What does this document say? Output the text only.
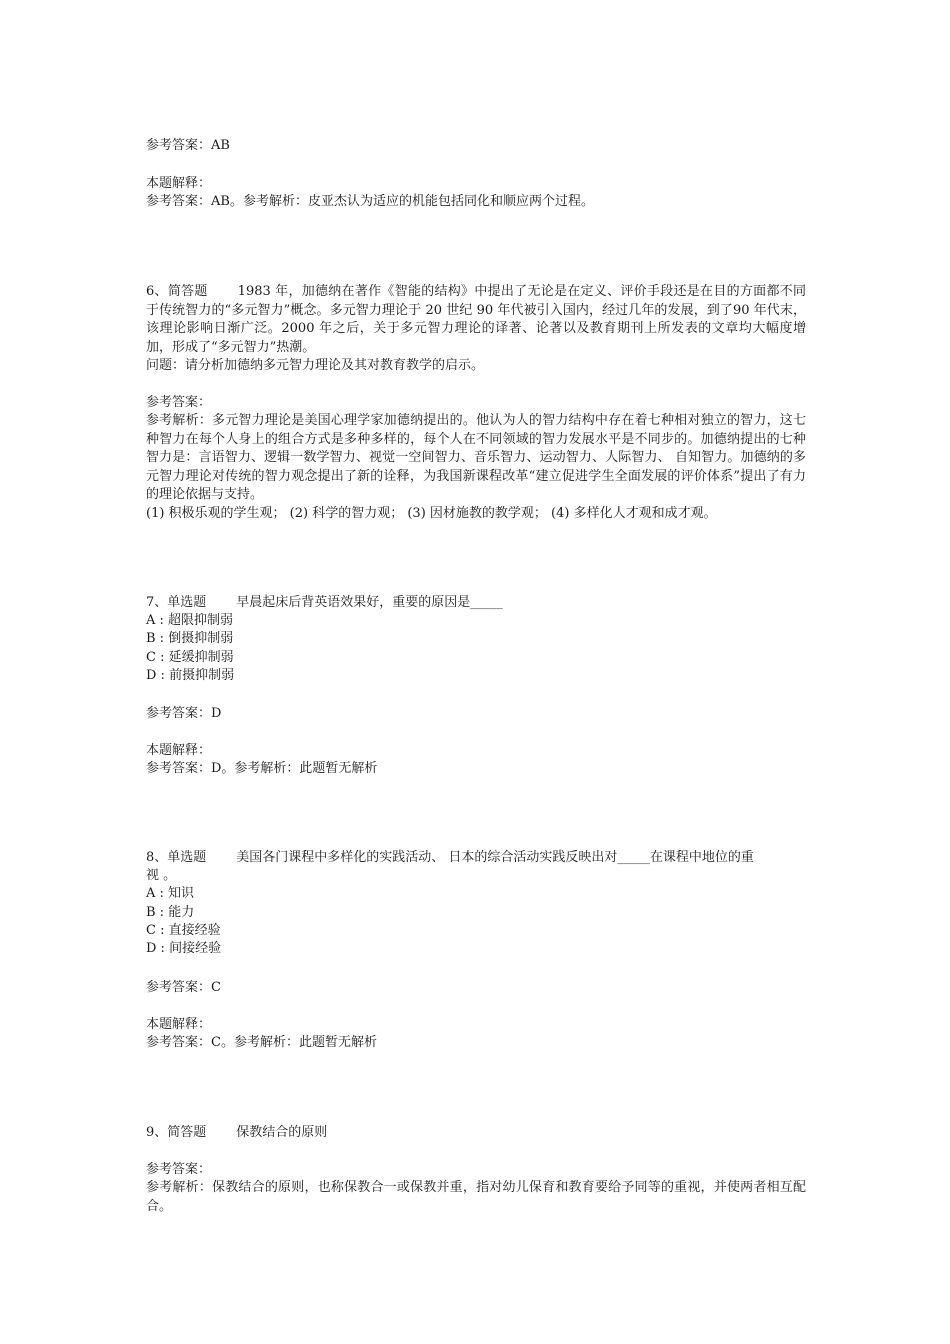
参考答案：AB
本题解释：
参考答案：AB。参考解析：皮亚杰认为适应的机能包括同化和顺应两个过程。
6、简答题 1983 年，加德纳在著作《智能的结构》中提出了无论是在定义、评价手段还是在目的方面都不同于传统智力的“多元智力”概念。多元智力理论于 20 世纪 90 年代被引入国内，经过几年的发展，到了90 年代末，该理论影响日渐广泛。2000 年之后，关于多元智力理论的译著、论著以及教育期刊上所发表的文章均大幅度增加，形成了“多元智力”热潮。
问题：请分析加德纳多元智力理论及其对教育教学的启示。
参考答案：
参考解析：多元智力理论是美国心理学家加德纳提出的。他认为人的智力结构中存在着七种相对独立的智力，这七种智力在每个人身上的组合方式是多种多样的，每个人在不同领域的智力发展水平是不同步的。加德纳提出的七种智力是：言语智力、逻辑一数学智力、视觉一空间智力、音乐智力、运动智力、人际智力、 自知智力。加德纳的多元智力理论对传统的智力观念提出了新的诠释，为我国新课程改革“建立促进学生全面发展的评价体系”提出了有力的理论依据与支持。
(1) 积极乐观的学生观； (2) 科学的智力观； (3) 因材施教的教学观； (4) 多样化人才观和成才观。
7、单选题 早晨起床后背英语效果好，重要的原因是_____
A : 超限抑制弱
B : 倒摄抑制弱
C : 延缓抑制弱
D : 前摄抑制弱
参考答案：D
本题解释：
参考答案：D。参考解析：此题暂无解析
8、单选题 美国各门课程中多样化的实践活动、 日本的综合活动实践反映出对_____在课程中地位的重
视 。
A : 知识
B : 能力
C : 直接经验
D : 间接经验
参考答案：C
本题解释：
参考答案：C。参考解析：此题暂无解析
9、简答题 保教结合的原则
参考答案：
参考解析：保教结合的原则，也称保教合一或保教并重，指对幼儿保育和教育要给予同等的重视，并使两者相互配合。
